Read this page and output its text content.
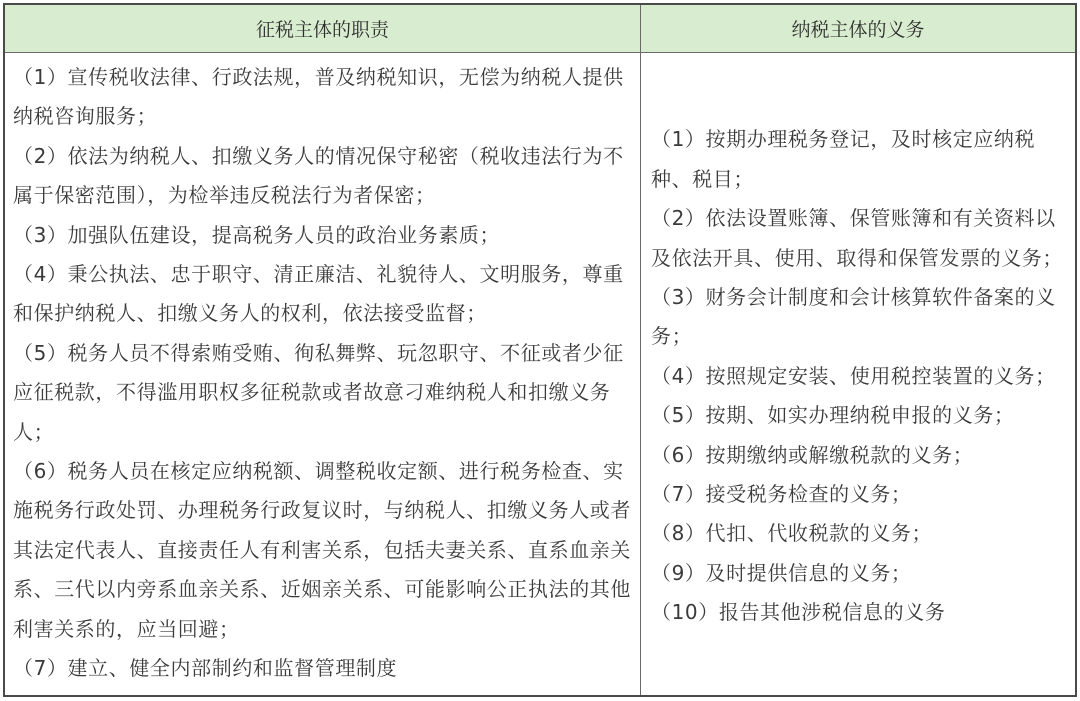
征税主体的职责	纳税主体的义务

（1）宣传税收法律、行政法规，普及纳税知识，无偿为纳税人提供纳税咨询服务；

（2）依法为纳税人、扣缴义务人的情况保守秘密（税收违法行为不属于保密范围），为检举违反税法行为者保密；

（3）加强队伍建设，提高税务人员的政治业务素质；

（4）秉公执法、忠于职守、清正廉洁、礼貌待人、文明服务，尊重和保护纳税人、扣缴义务人的权利，依法接受监督；

（5）税务人员不得索贿受贿、徇私舞弊、玩忽职守、不征或者少征应征税款，不得滥用职权多征税款或者故意刁难纳税人和扣缴义务人；

（6）税务人员在核定应纳税额、调整税收定额、进行税务检查、实施税务行政处罚、办理税务行政复议时，与纳税人、扣缴义务人或者其法定代表人、直接责任人有利害关系，包括夫妻关系、直系血亲关系、三代以内旁系血亲关系、近姻亲关系、可能影响公正执法的其他利害关系的，应当回避；

（7）建立、健全内部制约和监督管理制度

（1）按期办理税务登记，及时核定应纳税种、税目；

（2）依法设置账簿、保管账簿和有关资料以及依法开具、使用、取得和保管发票的义务；

（3）财务会计制度和会计核算软件备案的义务；

（4）按照规定安装、使用税控装置的义务；

（5）按期、如实办理纳税申报的义务；

（6）按期缴纳或解缴税款的义务；

（7）接受税务检查的义务；

（8）代扣、代收税款的义务；

（9）及时提供信息的义务；

（10）报告其他涉税信息的义务
